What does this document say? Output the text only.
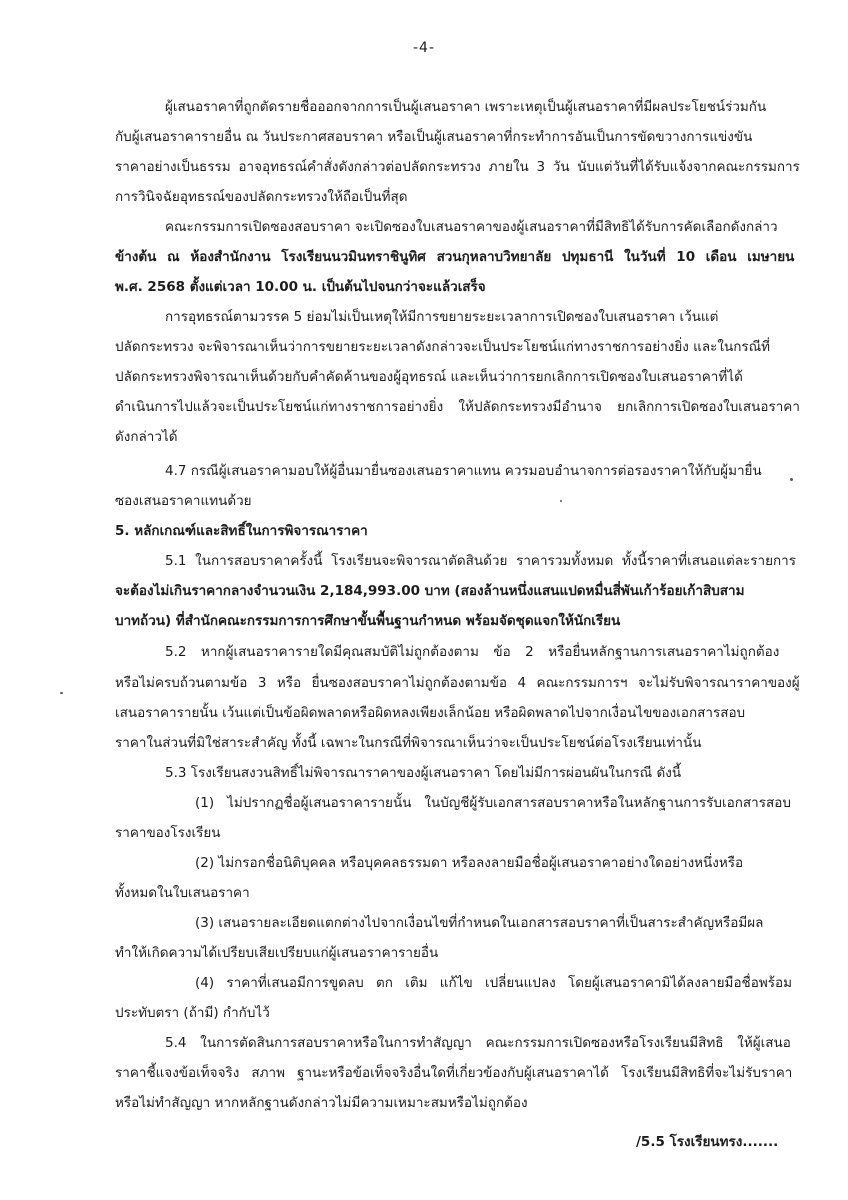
-4-
ผู้เสนอราคาที่ถูกตัดรายชื่อออกจากการเป็นผู้เสนอราคา เพราะเหตุเป็นผู้เสนอราคาที่มีผลประโยชน์ร่วมกัน
กับผู้เสนอราคารายอื่น ณ วันประกาศสอบราคา หรือเป็นผู้เสนอราคาที่กระทำการอันเป็นการขัดขวางการแข่งขัน
ราคาอย่างเป็นธรรม อาจอุทธรณ์คำสั่งดังกล่าวต่อปลัดกระทรวง ภายใน 3 วัน นับแต่วันที่ได้รับแจ้งจากคณะกรรมการ
การวินิจฉัยอุทธรณ์ของปลัดกระทรวงให้ถือเป็นที่สุด
คณะกรรมการเปิดซองสอบราคา จะเปิดซองใบเสนอราคาของผู้เสนอราคาที่มีสิทธิได้รับการคัดเลือกดังกล่าว
ข้างต้น ณ ห้องสำนักงาน โรงเรียนนวมินทราชินูทิศ สวนกุหลาบวิทยาลัย ปทุมธานี ในวันที่ 10 เดือน เมษายน
พ.ศ. 2568 ตั้งแต่เวลา 10.00 น. เป็นต้นไปจนกว่าจะแล้วเสร็จ
การอุทธรณ์ตามวรรค 5 ย่อมไม่เป็นเหตุให้มีการขยายระยะเวลาการเปิดซองใบเสนอราคา เว้นแต่
ปลัดกระทรวง จะพิจารณาเห็นว่าการขยายระยะเวลาดังกล่าวจะเป็นประโยชน์แก่ทางราชการอย่างยิ่ง และในกรณีที่
ปลัดกระทรวงพิจารณาเห็นด้วยกับคำคัดค้านของผู้อุทธรณ์ และเห็นว่าการยกเลิกการเปิดซองใบเสนอราคาที่ได้
ดำเนินการไปแล้วจะเป็นประโยชน์แก่ทางราชการอย่างยิ่ง ให้ปลัดกระทรวงมีอำนาจ ยกเลิกการเปิดซองใบเสนอราคา
ดังกล่าวได้
4.7 กรณีผู้เสนอราคามอบให้ผู้อื่นมายื่นซองเสนอราคาแทน ควรมอบอำนาจการต่อรองราคาให้กับผู้มายื่น
ซองเสนอราคาแทนด้วย
5. หลักเกณฑ์และสิทธิ์ในการพิจารณาราคา
5.1 ในการสอบราคาครั้งนี้ โรงเรียนจะพิจารณาตัดสินด้วย ราคารวมทั้งหมด ทั้งนี้ราคาที่เสนอแต่ละรายการ
จะต้องไม่เกินราคากลางจำนวนเงิน 2,184,993.00 บาท (สองล้านหนึ่งแสนแปดหมื่นสี่พันเก้าร้อยเก้าสิบสาม
บาทถ้วน) ที่สำนักคณะกรรมการการศึกษาขั้นพื้นฐานกำหนด พร้อมจัดชุดแจกให้นักเรียน
5.2 หากผู้เสนอราคารายใดมีคุณสมบัติไม่ถูกต้องตาม ข้อ 2 หรือยื่นหลักฐานการเสนอราคาไม่ถูกต้อง
หรือไม่ครบถ้วนตามข้อ 3 หรือ ยื่นซองสอบราคาไม่ถูกต้องตามข้อ 4 คณะกรรมการฯ จะไม่รับพิจารณาราคาของผู้
เสนอราคารายนั้น เว้นแต่เป็นข้อผิดพลาดหรือผิดหลงเพียงเล็กน้อย หรือผิดพลาดไปจากเงื่อนไขของเอกสารสอบ
ราคาในส่วนที่มิใช่สาระสำคัญ ทั้งนี้ เฉพาะในกรณีที่พิจารณาเห็นว่าจะเป็นประโยชน์ต่อโรงเรียนเท่านั้น
5.3 โรงเรียนสงวนสิทธิ์ไม่พิจารณาราคาของผู้เสนอราคา โดยไม่มีการผ่อนผันในกรณี ดังนี้
(1) ไม่ปรากฏชื่อผู้เสนอราคารายนั้น ในบัญชีผู้รับเอกสารสอบราคาหรือในหลักฐานการรับเอกสารสอบ
ราคาของโรงเรียน
(2) ไม่กรอกชื่อนิติบุคคล หรือบุคคลธรรมดา หรือลงลายมือชื่อผู้เสนอราคาอย่างใดอย่างหนึ่งหรือ
ทั้งหมดในใบเสนอราคา
(3) เสนอรายละเอียดแตกต่างไปจากเงื่อนไขที่กำหนดในเอกสารสอบราคาที่เป็นสาระสำคัญหรือมีผล
ทำให้เกิดความได้เปรียบเสียเปรียบแก่ผู้เสนอราคารายอื่น
(4) ราคาที่เสนอมีการขูดลบ ตก เติม แก้ไข เปลี่ยนแปลง โดยผู้เสนอราคามิได้ลงลายมือชื่อพร้อม
ประทับตรา (ถ้ามี) กำกับไว้
5.4 ในการตัดสินการสอบราคาหรือในการทำสัญญา คณะกรรมการเปิดซองหรือโรงเรียนมีสิทธิ ให้ผู้เสนอ
ราคาชี้แจงข้อเท็จจริง สภาพ ฐานะหรือข้อเท็จจริงอื่นใดที่เกี่ยวข้องกับผู้เสนอราคาได้ โรงเรียนมีสิทธิที่จะไม่รับราคา
หรือไม่ทำสัญญา หากหลักฐานดังกล่าวไม่มีความเหมาะสมหรือไม่ถูกต้อง
/5.5 โรงเรียนทรง.......
